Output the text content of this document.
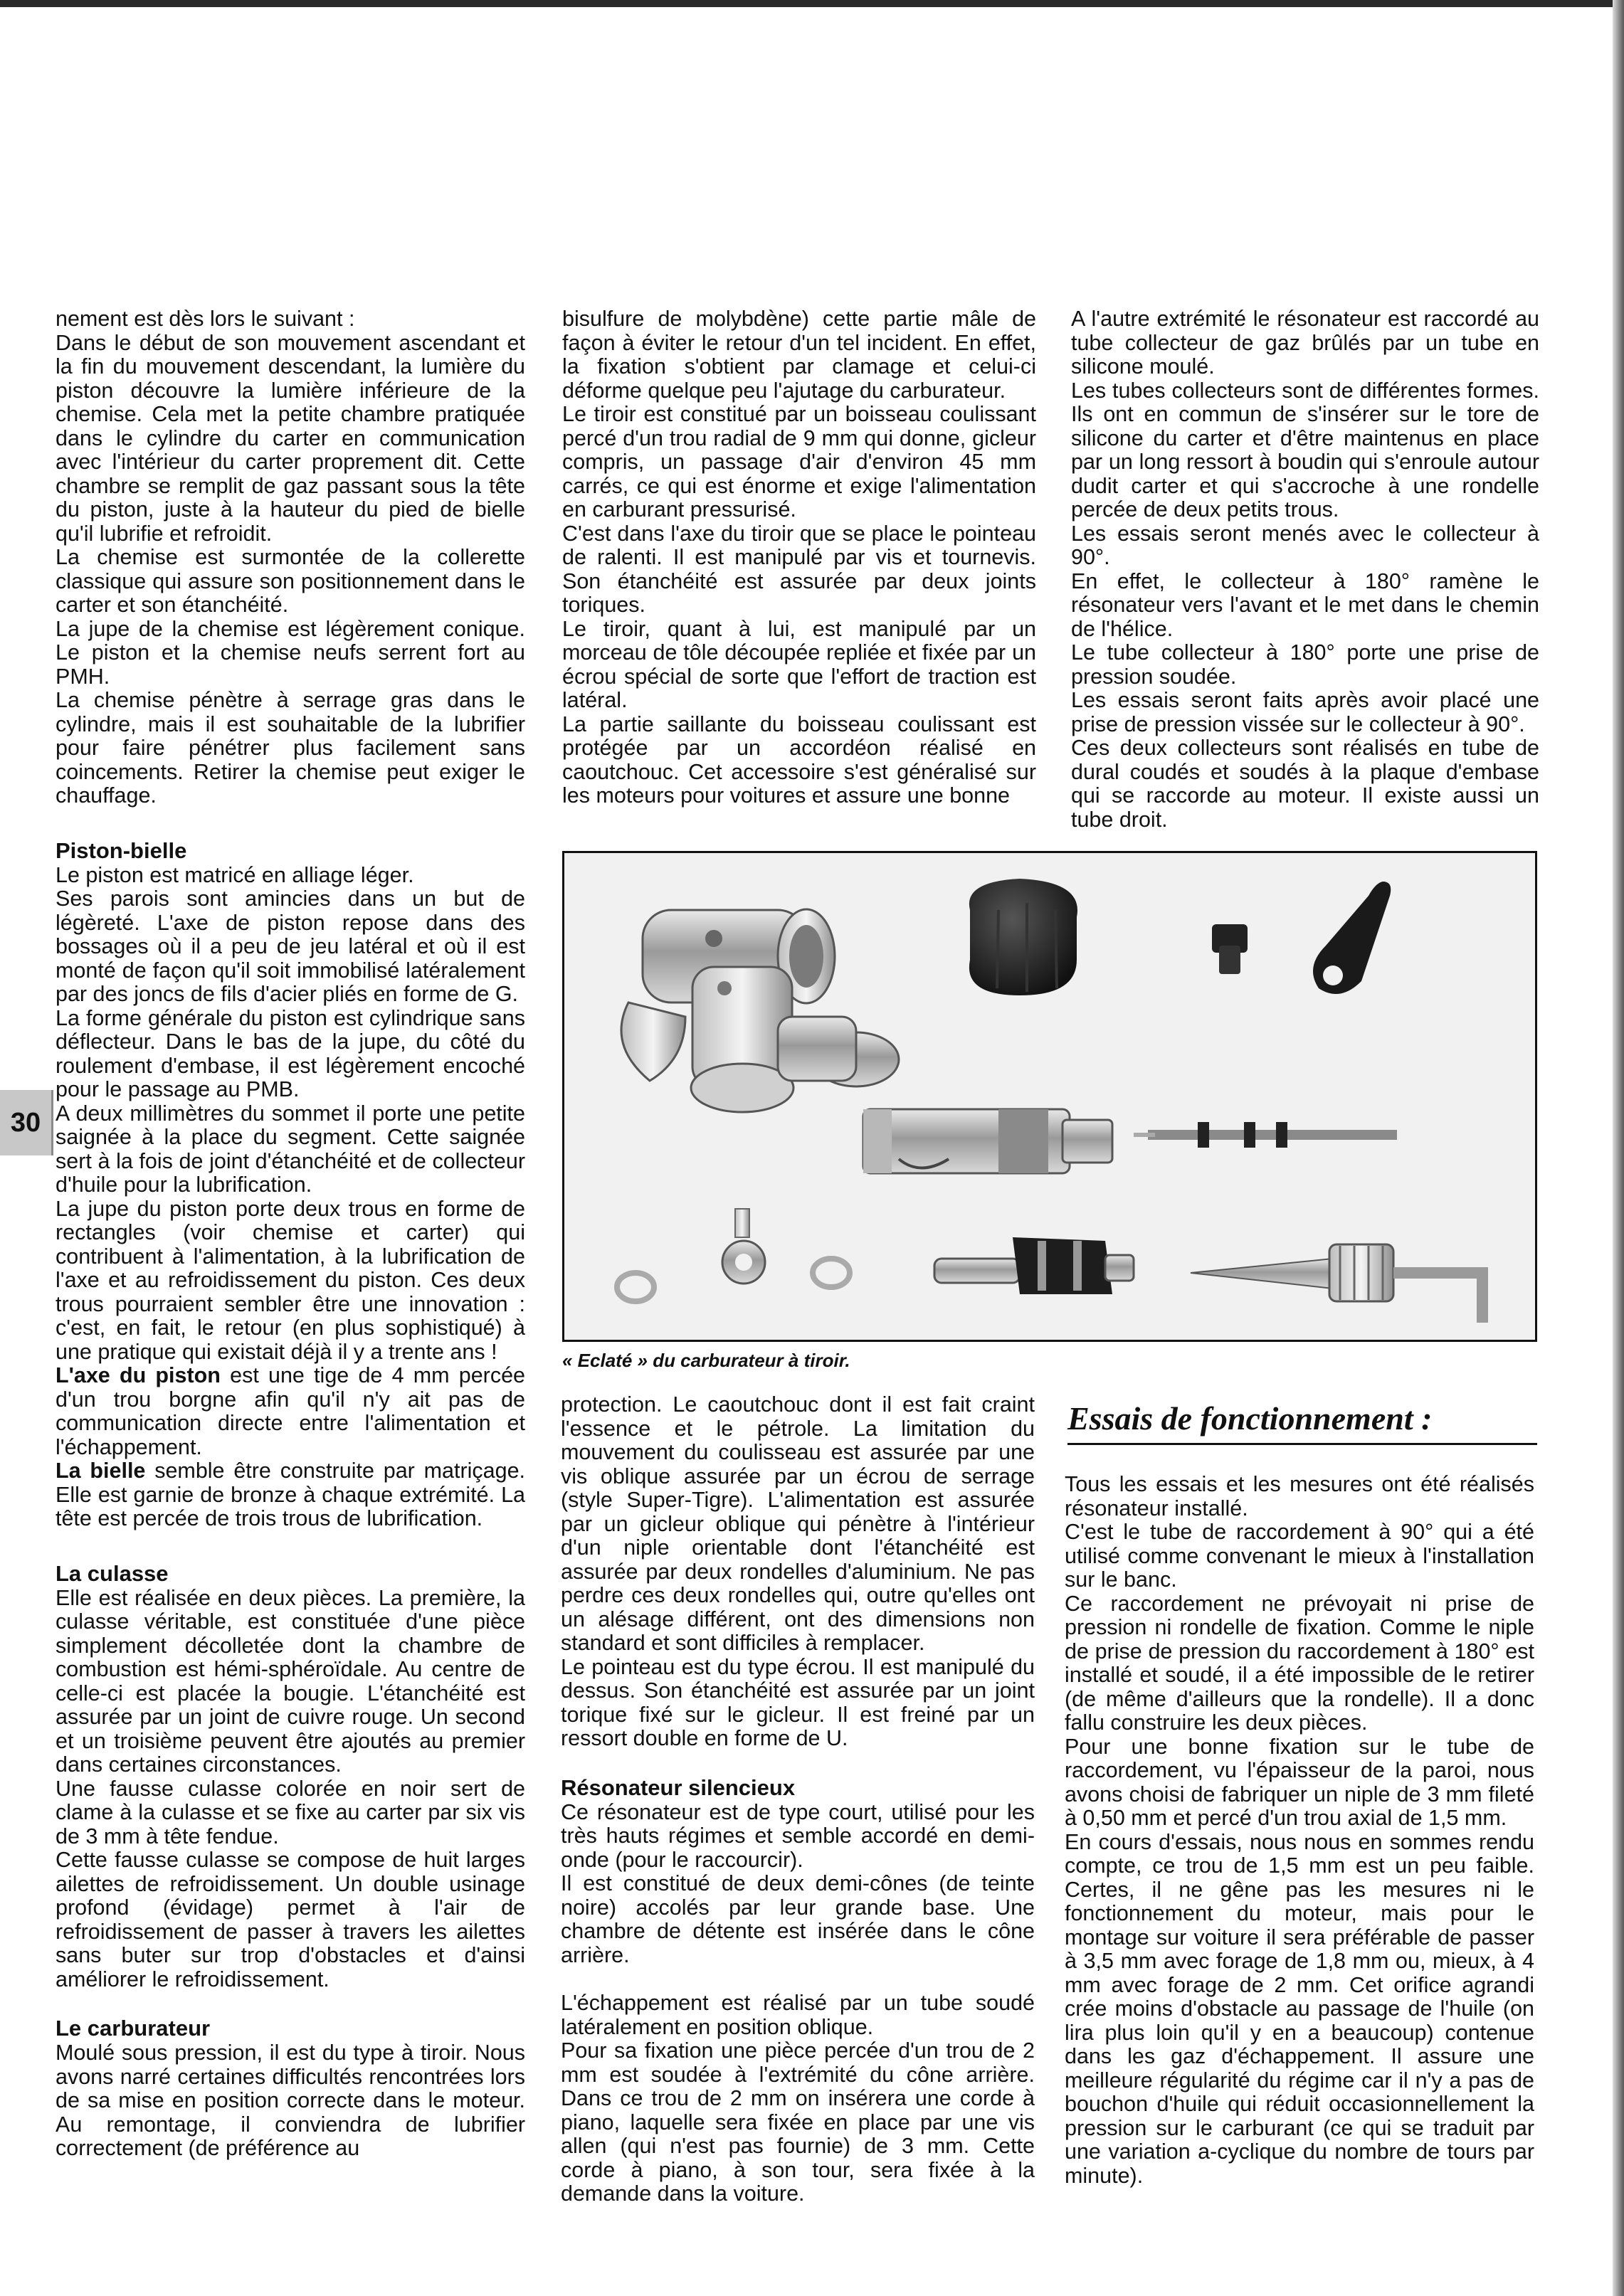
30

nement est dès lors le suivant :

Dans le début de son mouvement ascendant et la fin du mouvement descendant, la lumière du piston découvre la lumière inférieure de la chemise. Cela met la petite chambre pratiquée dans le cylindre du carter en communication avec l'intérieur du carter proprement dit. Cette chambre se remplit de gaz passant sous la tête du piston, juste à la hauteur du pied de bielle qu'il lubrifie et refroidit.

La chemise est surmontée de la collerette classique qui assure son positionnement dans le carter et son étanchéité.

La jupe de la chemise est légèrement conique. Le piston et la chemise neufs serrent fort au PMH.

La chemise pénètre à serrage gras dans le cylindre, mais il est souhaitable de la lubrifier pour faire pénétrer plus facilement sans coincements. Retirer la chemise peut exiger le chauffage.

Piston-bielle

Le piston est matricé en alliage léger.

Ses parois sont amincies dans un but de légèreté. L'axe de piston repose dans des bossages où il a peu de jeu latéral et où il est monté de façon qu'il soit immobilisé latéralement par des joncs de fils d'acier pliés en forme de G.

La forme générale du piston est cylindrique sans déflecteur. Dans le bas de la jupe, du côté du roulement d'embase, il est légèrement encoché pour le passage au PMB.

A deux millimètres du sommet il porte une petite saignée à la place du segment. Cette saignée sert à la fois de joint d'étanchéité et de collecteur d'huile pour la lubrification.

La jupe du piston porte deux trous en forme de rectangles (voir chemise et carter) qui contribuent à l'alimentation, à la lubrification de l'axe et au refroidissement du piston. Ces deux trous pourraient sembler être une innovation : c'est, en fait, le retour (en plus sophistiqué) à une pratique qui existait déjà il y a trente ans !

L'axe du piston est une tige de 4 mm percée d'un trou borgne afin qu'il n'y ait pas de communication directe entre l'alimentation et l'échappement.

La bielle semble être construite par matriçage. Elle est garnie de bronze à chaque extrémité. La tête est percée de trois trous de lubrification.

La culasse

Elle est réalisée en deux pièces. La première, la culasse véritable, est constituée d'une pièce simplement décolletée dont la chambre de combustion est hémi-sphéroïdale. Au centre de celle-ci est placée la bougie. L'étanchéité est assurée par un joint de cuivre rouge. Un second et un troisième peuvent être ajoutés au premier dans certaines circonstances.

Une fausse culasse colorée en noir sert de clame à la culasse et se fixe au carter par six vis de 3 mm à tête fendue.

Cette fausse culasse se compose de huit larges ailettes de refroidissement. Un double usinage profond (évidage) permet à l'air de refroidissement de passer à travers les ailettes sans buter sur trop d'obstacles et d'ainsi améliorer le refroidissement.

Le carburateur

Moulé sous pression, il est du type à tiroir. Nous avons narré certaines difficultés rencontrées lors de sa mise en position correcte dans le moteur. Au remontage, il conviendra de lubrifier correctement (de préférence au

bisulfure de molybdène) cette partie mâle de façon à éviter le retour d'un tel incident. En effet, la fixation s'obtient par clamage et celui-ci déforme quelque peu l'ajutage du carburateur.

Le tiroir est constitué par un boisseau coulissant percé d'un trou radial de 9 mm qui donne, gicleur compris, un passage d'air d'environ 45 mm carrés, ce qui est énorme et exige l'alimentation en carburant pressurisé.

C'est dans l'axe du tiroir que se place le pointeau de ralenti. Il est manipulé par vis et tournevis. Son étanchéité est assurée par deux joints toriques.

Le tiroir, quant à lui, est manipulé par un morceau de tôle découpée repliée et fixée par un écrou spécial de sorte que l'effort de traction est latéral.

La partie saillante du boisseau coulissant est protégée par un accordéon réalisé en caoutchouc. Cet accessoire s'est généralisé sur les moteurs pour voitures et assure une bonne

A l'autre extrémité le résonateur est raccordé au tube collecteur de gaz brûlés par un tube en silicone moulé.

Les tubes collecteurs sont de différentes formes. Ils ont en commun de s'insérer sur le tore de silicone du carter et d'être maintenus en place par un long ressort à boudin qui s'enroule autour dudit carter et qui s'accroche à une rondelle percée de deux petits trous.

Les essais seront menés avec le collecteur à 90°.

En effet, le collecteur à 180° ramène le résonateur vers l'avant et le met dans le chemin de l'hélice.

Le tube collecteur à 180° porte une prise de pression soudée.

Les essais seront faits après avoir placé une prise de pression vissée sur le collecteur à 90°.

Ces deux collecteurs sont réalisés en tube de dural coudés et soudés à la plaque d'embase qui se raccorde au moteur. Il existe aussi un tube droit.

« Eclaté » du carburateur à tiroir.

protection. Le caoutchouc dont il est fait craint l'essence et le pétrole. La limitation du mouvement du coulisseau est assurée par une vis oblique assurée par un écrou de serrage (style Super-Tigre). L'alimentation est assurée par un gicleur oblique qui pénètre à l'intérieur d'un niple orientable dont l'étanchéité est assurée par deux rondelles d'aluminium. Ne pas perdre ces deux rondelles qui, outre qu'elles ont un alésage différent, ont des dimensions non standard et sont difficiles à remplacer.

Le pointeau est du type écrou. Il est manipulé du dessus. Son étanchéité est assurée par un joint torique fixé sur le gicleur. Il est freiné par un ressort double en forme de U.

Résonateur silencieux

Ce résonateur est de type court, utilisé pour les très hauts régimes et semble accordé en demi-onde (pour le raccourcir).

Il est constitué de deux demi-cônes (de teinte noire) accolés par leur grande base. Une chambre de détente est insérée dans le cône arrière.

L'échappement est réalisé par un tube soudé latéralement en position oblique.

Pour sa fixation une pièce percée d'un trou de 2 mm est soudée à l'extrémité du cône arrière. Dans ce trou de 2 mm on insérera une corde à piano, laquelle sera fixée en place par une vis allen (qui n'est pas fournie) de 3 mm. Cette corde à piano, à son tour, sera fixée à la demande dans la voiture.

Essais de fonctionnement :

Tous les essais et les mesures ont été réalisés résonateur installé.

C'est le tube de raccordement à 90° qui a été utilisé comme convenant le mieux à l'installation sur le banc.

Ce raccordement ne prévoyait ni prise de pression ni rondelle de fixation. Comme le niple de prise de pression du raccordement à 180° est installé et soudé, il a été impossible de le retirer (de même d'ailleurs que la rondelle). Il a donc fallu construire les deux pièces.

Pour une bonne fixation sur le tube de raccordement, vu l'épaisseur de la paroi, nous avons choisi de fabriquer un niple de 3 mm fileté à 0,50 mm et percé d'un trou axial de 1,5 mm.

En cours d'essais, nous nous en sommes rendu compte, ce trou de 1,5 mm est un peu faible. Certes, il ne gêne pas les mesures ni le fonctionnement du moteur, mais pour le montage sur voiture il sera préférable de passer à 3,5 mm avec forage de 1,8 mm ou, mieux, à 4 mm avec forage de 2 mm. Cet orifice agrandi crée moins d'obstacle au passage de l'huile (on lira plus loin qu'il y en a beaucoup) contenue dans les gaz d'échappement. Il assure une meilleure régularité du régime car il n'y a pas de bouchon d'huile qui réduit occasionnellement la pression sur le carburant (ce qui se traduit par une variation a-cyclique du nombre de tours par minute).
